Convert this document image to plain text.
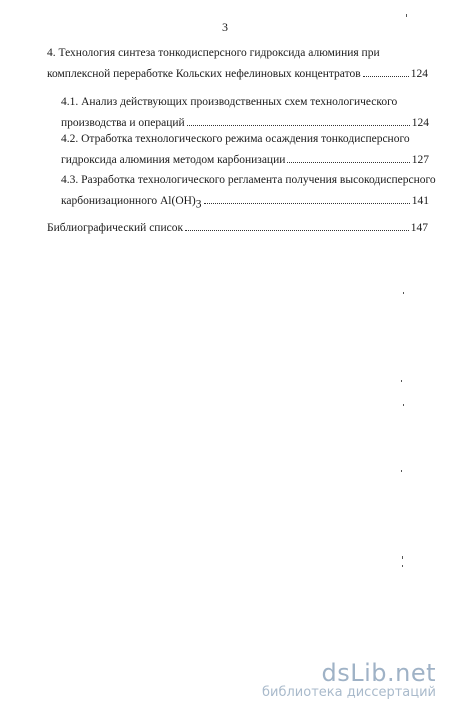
3
4. Технология синтеза тонкодисперсного гидроксида алюминия при
комплексной переработке Кольских нефелиновых концентратов	124
4.1. Анализ действующих производственных схем технологического
производства и операций	124
4.2. Отработка технологического режима осаждения тонкодисперсного
гидроксида алюминия методом карбонизации	127
4.3. Разработка технологического регламента получения высокодисперсного
карбонизационного $Al(OH)_3$	141
Библиографический список	147
dsLib.net
библиотека диссертаций
